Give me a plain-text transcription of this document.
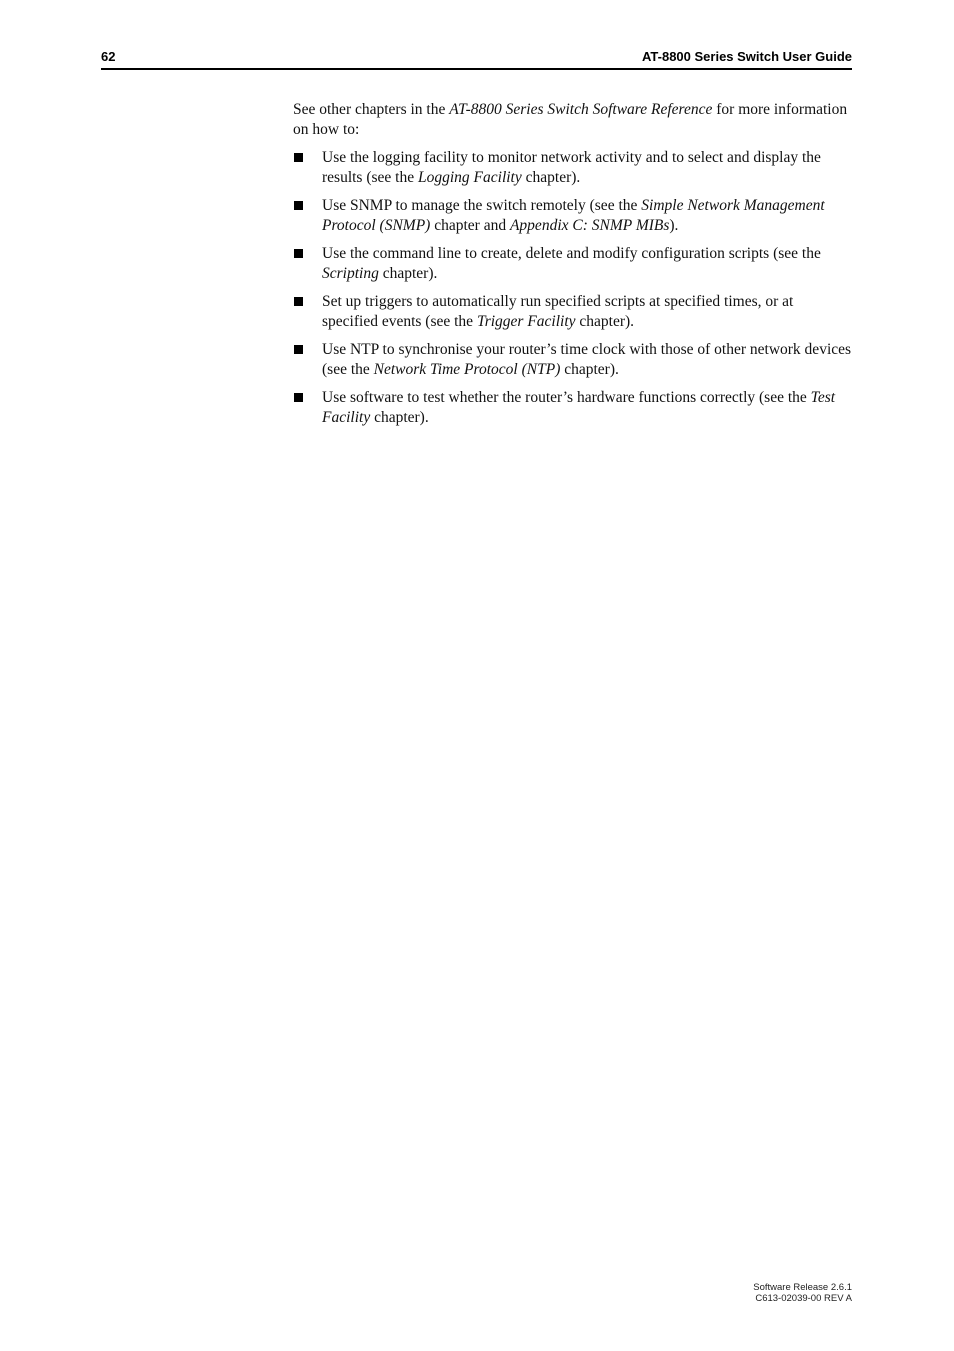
62	AT-8800 Series Switch User Guide

See other chapters in the AT-8800 Series Switch Software Reference for more information on how to:

Use the logging facility to monitor network activity and to select and display the results (see the Logging Facility chapter).
Use SNMP to manage the switch remotely (see the Simple Network Management Protocol (SNMP) chapter and Appendix C: SNMP MIBs).
Use the command line to create, delete and modify configuration scripts (see the Scripting chapter).
Set up triggers to automatically run specified scripts at specified times, or at specified events (see the Trigger Facility chapter).
Use NTP to synchronise your router’s time clock with those of other network devices (see the Network Time Protocol (NTP) chapter).
Use software to test whether the router’s hardware functions correctly (see the Test Facility chapter).
Software Release 2.6.1
C613-02039-00 REV A
